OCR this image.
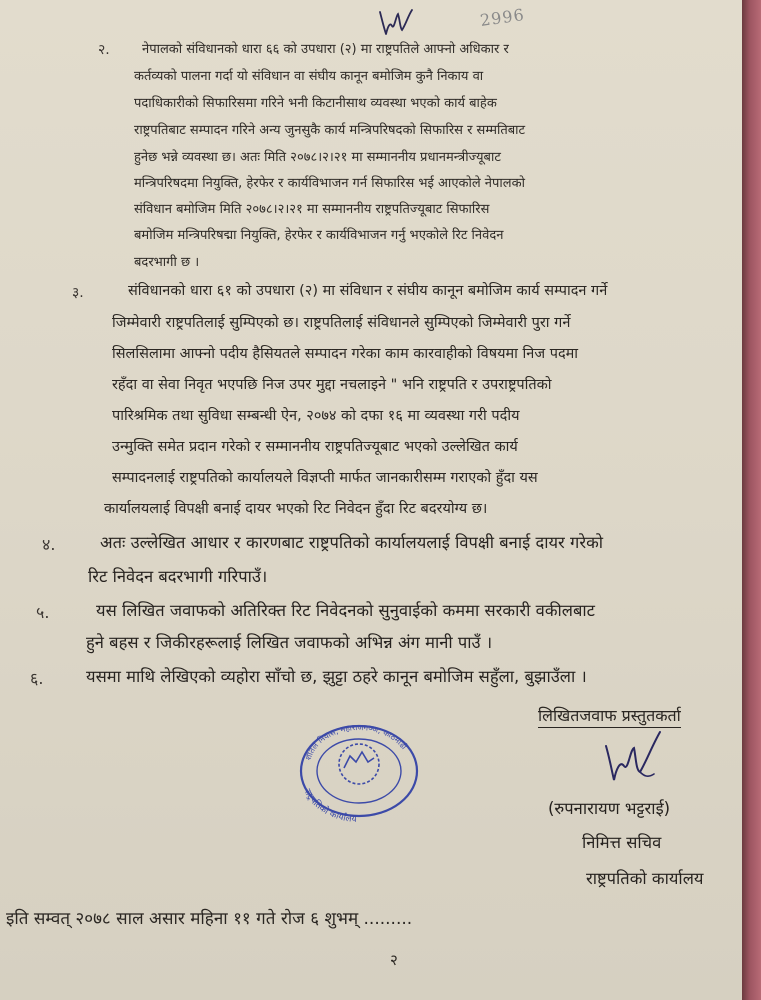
2996
२. नेपालको संविधानको धारा ६६ को उपधारा (२) मा राष्ट्रपतिले आफ्नो अधिकार र
कर्तव्यको पालना गर्दा यो संविधान वा संघीय कानून बमोजिम कुनै निकाय वा
पदाधिकारीको सिफारिसमा गरिने भनी किटानीसाथ व्यवस्था भएको कार्य बाहेक
राष्ट्रपतिबाट सम्पादन गरिने अन्य जुनसुकै कार्य मन्त्रिपरिषदको सिफारिस र सम्मतिबाट
हुनेछ भन्ने व्यवस्था छ। अतः मिति २०७८।२।२१ मा सम्माननीय प्रधानमन्त्रीज्यूबाट
मन्त्रिपरिषदमा नियुक्ति, हेरफेर र कार्यविभाजन गर्न सिफारिस भई आएकोले नेपालको
संविधान बमोजिम मिति २०७८।२।२१ मा सम्माननीय राष्ट्रपतिज्यूबाट सिफारिस
बमोजिम मन्त्रिपरिषद्मा नियुक्ति, हेरफेर र कार्यविभाजन गर्नु भएकोले रिट निवेदन
बदरभागी छ ।
३.	संविधानको धारा ६१ को उपधारा (२) मा संविधान र संघीय कानून बमोजिम कार्य सम्पादन गर्ने
जिम्मेवारी राष्ट्रपतिलाई सुम्पिएको छ। राष्ट्रपतिलाई संविधानले सुम्पिएको जिम्मेवारी पुरा गर्ने
सिलसिलामा आफ्नो पदीय हैसियतले सम्पादन गरेका काम कारवाहीको विषयमा निज पदमा
रहँदा वा सेवा निवृत भएपछि निज उपर मुद्दा नचलाइने " भनि राष्ट्रपति र उपराष्ट्रपतिको
पारिश्रमिक तथा सुविधा सम्बन्धी ऐन, २०७४ को दफा १६ मा व्यवस्था गरी पदीय
उन्मुक्ति समेत प्रदान गरेको र सम्माननीय राष्ट्रपतिज्यूबाट भएको उल्लेखित कार्य
सम्पादनलाई राष्ट्रपतिको कार्यालयले विज्ञप्ती मार्फत जानकारीसम्म गराएको हुँदा यस
कार्यालयलाई विपक्षी बनाई दायर भएको रिट निवेदन हुँदा रिट बदरयोग्य छ।
४.	अतः उल्लेखित आधार र कारणबाट राष्ट्रपतिको कार्यालयलाई विपक्षी बनाई दायर गरेको
रिट निवेदन बदरभागी गरिपाउँ।
५.	यस लिखित जवाफको अतिरिक्त रिट निवेदनको सुनुवाईको कममा सरकारी वकीलबाट
हुने बहस र जिकीरहरूलाई लिखित जवाफको अभिन्न अंग मानी पाउँ ।
६.	यसमा माथि लेखिएको व्यहोरा साँचो छ, झुट्टा ठहरे कानून बमोजिम सहुँला, बुझाउँला ।
लिखितजवाफ प्रस्तुतकर्ता
राष्ट्रपतिको कार्यालय
शीतल निवास, महाराजगञ्ज, काठमाडौं
(रुपनारायण भट्टराई)
निमित्त सचिव
राष्ट्रपतिको कार्यालय
इति सम्वत् २०७८ साल असार महिना ११ गते रोज ६ शुभम् .........
२
